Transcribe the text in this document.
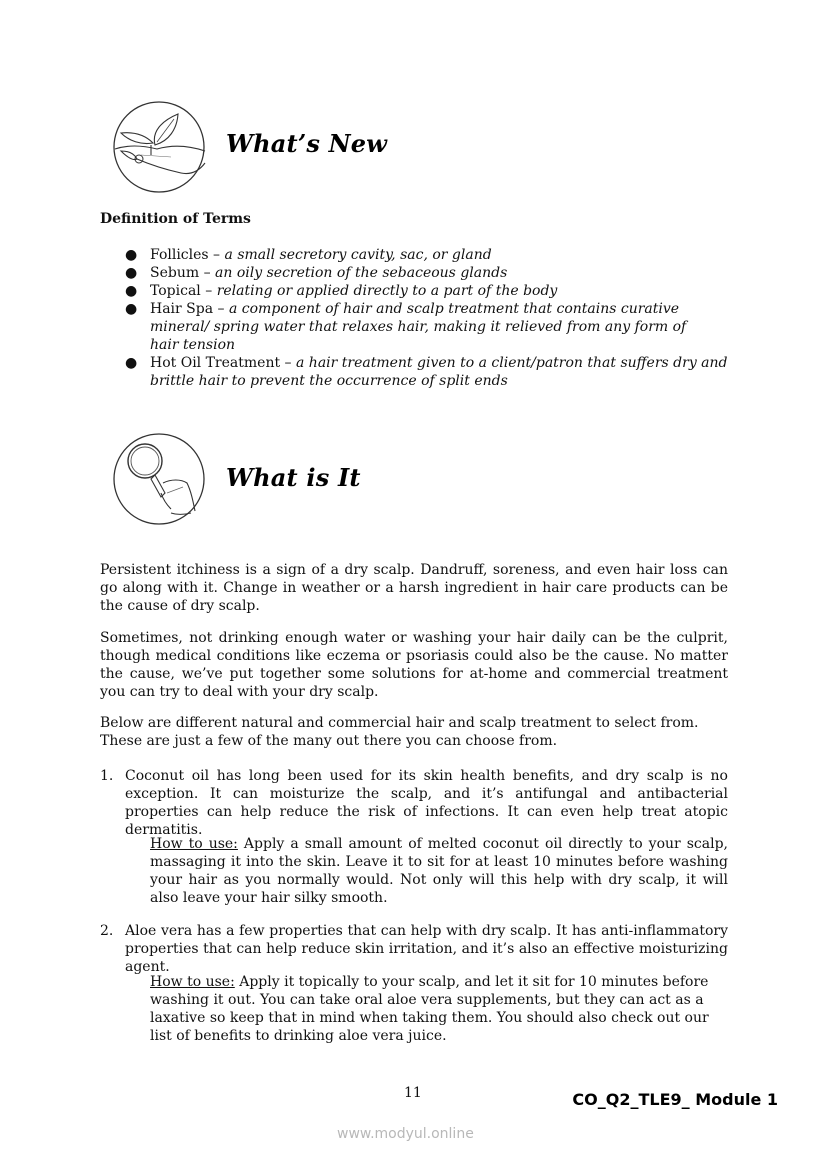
What’s New
Definition of Terms
● Follicles – a small secretory cavity, sac, or gland
● Sebum – an oily secretion of the sebaceous glands
● Topical – relating or applied directly to a part of the body
● Hair Spa – a component of hair and scalp treatment that contains curative mineral/ spring water that relaxes hair, making it relieved from any form of hair tension
● Hot Oil Treatment – a hair treatment given to a client/patron that suffers dry and brittle hair to prevent the occurrence of split ends
What is It
Persistent itchiness is a sign of a dry scalp. Dandruff, soreness, and even hair loss can go along with it. Change in weather or a harsh ingredient in hair care products can be the cause of dry scalp.
Sometimes, not drinking enough water or washing your hair daily can be the culprit, though medical conditions like eczema or psoriasis could also be the cause. No matter the cause, we’ve put together some solutions for at-home and commercial treatment you can try to deal with your dry scalp.
Below are different natural and commercial hair and scalp treatment to select from. These are just a few of the many out there you can choose from.
1. Coconut oil has long been used for its skin health benefits, and dry scalp is no exception. It can moisturize the scalp, and it’s antifungal and antibacterial properties can help reduce the risk of infections. It can even help treat atopic dermatitis.
How to use: Apply a small amount of melted coconut oil directly to your scalp, massaging it into the skin. Leave it to sit for at least 10 minutes before washing your hair as you normally would. Not only will this help with dry scalp, it will also leave your hair silky smooth.
2. Aloe vera has a few properties that can help with dry scalp. It has anti-inflammatory properties that can help reduce skin irritation, and it’s also an effective moisturizing agent.
How to use: Apply it topically to your scalp, and let it sit for 10 minutes before washing it out. You can take oral aloe vera supplements, but they can act as a laxative so keep that in mind when taking them. You should also check out our list of benefits to drinking aloe vera juice.
11	CO_Q2_TLE9_ Module 1
www.modyul.online
